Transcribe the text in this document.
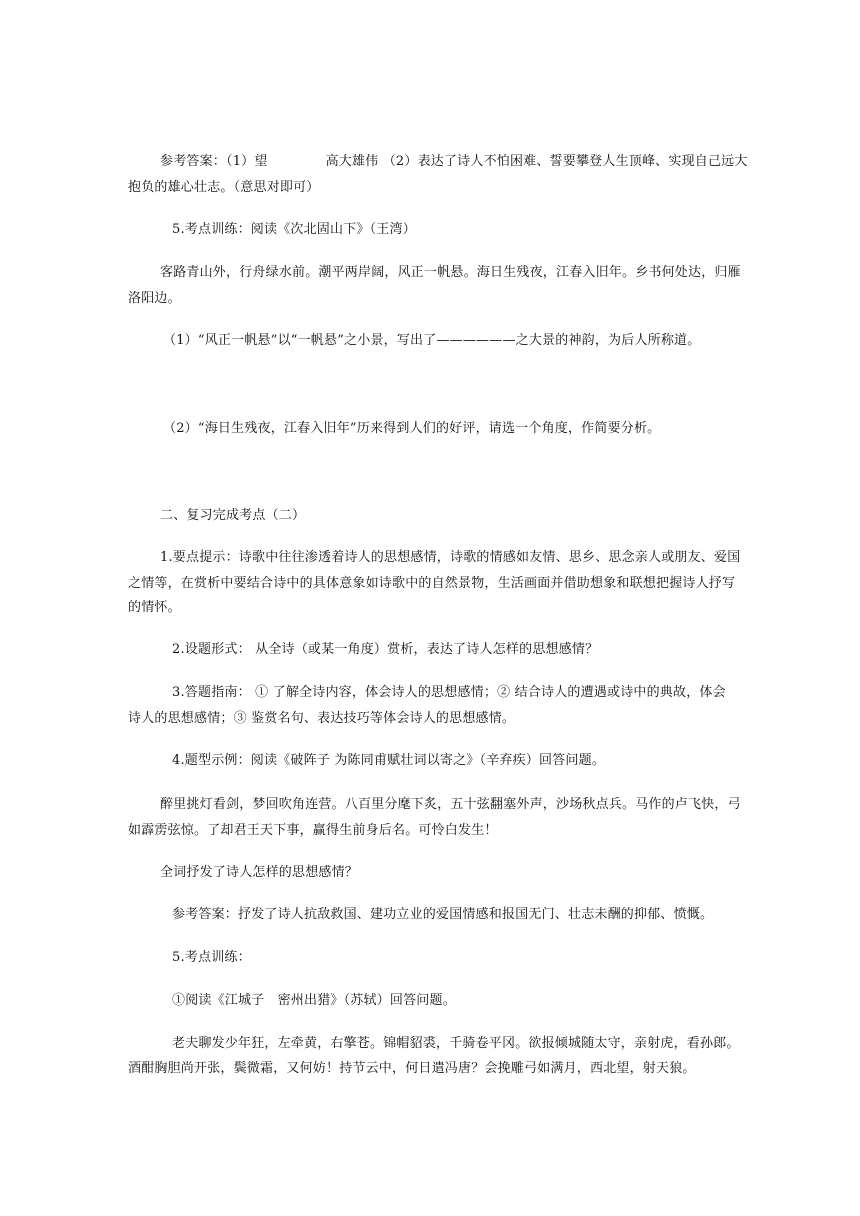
参考答案：（1）望	高大雄伟 （2）表达了诗人不怕困难、誓要攀登人生顶峰、实现自己远大
抱负的雄心壮志。（意思对即可）
5.考点训练：阅读《次北固山下》（王湾）
客路青山外，行舟绿水前。潮平两岸阔，风正一帆悬。海日生残夜，江春入旧年。乡书何处达，归雁
洛阳边。
（1）“风正一帆悬”以“一帆悬”之小景，写出了——————之大景的神韵，为后人所称道。
（2）“海日生残夜，江春入旧年”历来得到人们的好评，请选一个角度，作简要分析。
二、复习完成考点（二）
1.要点提示：诗歌中往往渗透着诗人的思想感情，诗歌的情感如友情、思乡、思念亲人或朋友、爱国
之情等，在赏析中要结合诗中的具体意象如诗歌中的自然景物，生活画面并借助想象和联想把握诗人抒写
的情怀。
2.设题形式： 从全诗（或某一角度）赏析，表达了诗人怎样的思想感情？
3.答题指南： ① 了解全诗内容，体会诗人的思想感情；② 结合诗人的遭遇或诗中的典故，体会
诗人的思想感情；③ 鉴赏名句、表达技巧等体会诗人的思想感情。
4.题型示例：阅读《破阵子 为陈同甫赋壮词以寄之》（辛弃疾）回答问题。
醉里挑灯看剑，梦回吹角连营。八百里分麾下炙，五十弦翻塞外声，沙场秋点兵。马作的卢飞快，弓
如霹雳弦惊。了却君王天下事，赢得生前身后名。可怜白发生！
全词抒发了诗人怎样的思想感情？
参考答案：抒发了诗人抗敌救国、建功立业的爱国情感和报国无门、壮志未酬的抑郁、愤慨。
5.考点训练：
①阅读《江城子　密州出猎》（苏轼）回答问题。
老夫聊发少年狂，左牵黄，右擎苍。锦帽貂裘，千骑卷平冈。欲报倾城随太守，亲射虎，看孙郎。
酒酣胸胆尚开张，鬓微霜，又何妨！持节云中，何日遣冯唐？会挽雕弓如满月，西北望，射天狼。
